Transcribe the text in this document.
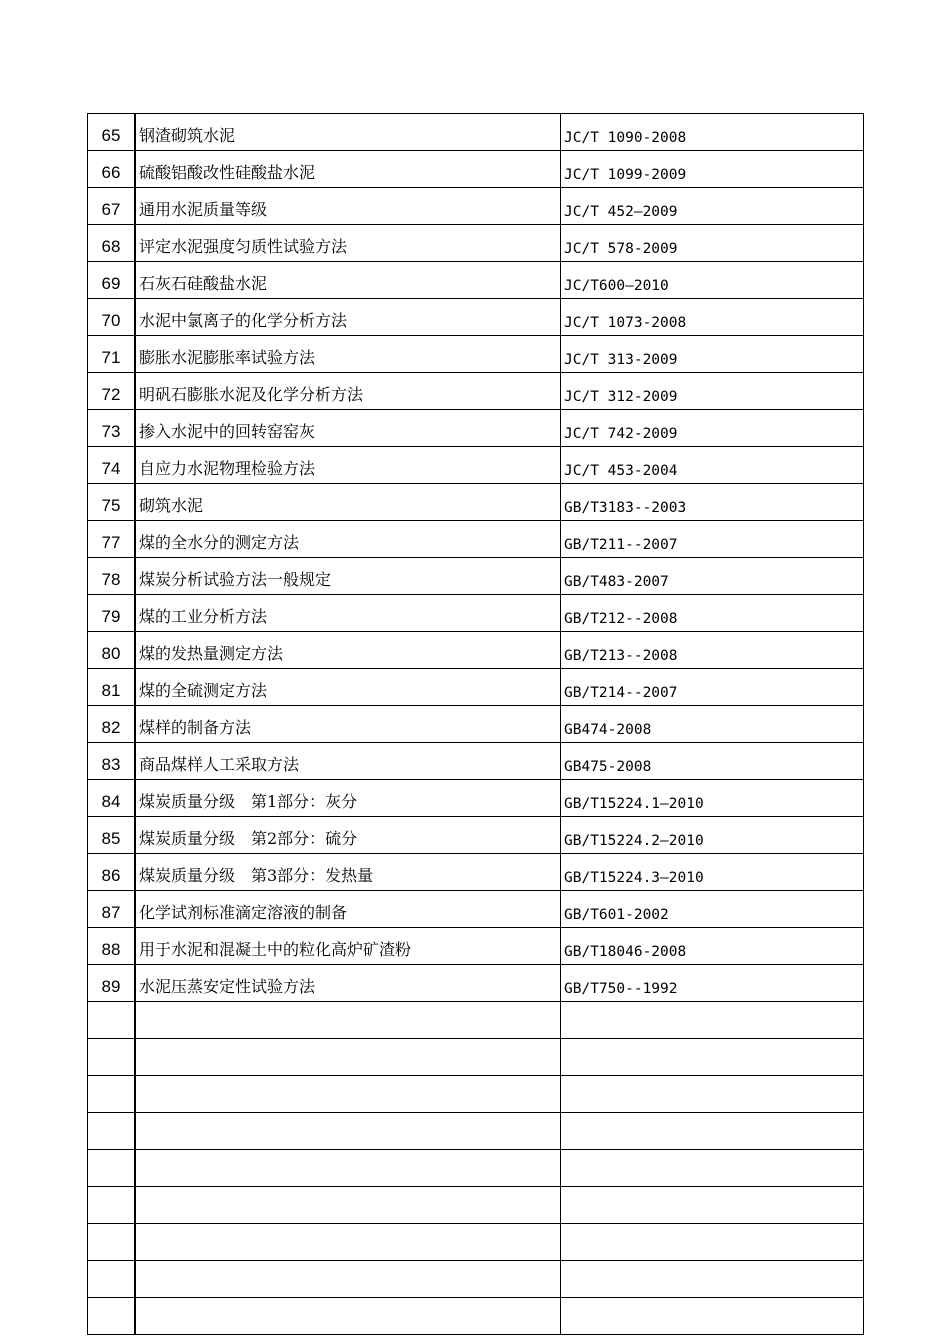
65	钢渣砌筑水泥	JC/T 1090-2008
66	硫酸铝酸改性硅酸盐水泥	JC/T 1099-2009
67	通用水泥质量等级	JC/T 452—2009
68	评定水泥强度匀质性试验方法	JC/T 578-2009
69	石灰石硅酸盐水泥	JC/T600—2010
70	水泥中氯离子的化学分析方法	JC/T 1073-2008
71	膨胀水泥膨胀率试验方法	JC/T 313-2009
72	明矾石膨胀水泥及化学分析方法	JC/T 312-2009
73	掺入水泥中的回转窑窑灰	JC/T 742-2009
74	自应力水泥物理检验方法	JC/T 453-2004
75	砌筑水泥	GB/T3183--2003
77	煤的全水分的测定方法	GB/T211--2007
78	煤炭分析试验方法一般规定	GB/T483-2007
79	煤的工业分析方法	GB/T212--2008
80	煤的发热量测定方法	GB/T213--2008
81	煤的全硫测定方法	GB/T214--2007
82	煤样的制备方法	GB474-2008
83	商品煤样人工采取方法	GB475-2008
84	煤炭质量分级　第1部分：灰分	GB/T15224.1—2010
85	煤炭质量分级　第2部分：硫分	GB/T15224.2—2010
86	煤炭质量分级　第3部分：发热量	GB/T15224.3—2010
87	化学试剂标准滴定溶液的制备	GB/T601-2002
88	用于水泥和混凝土中的粒化高炉矿渣粉	GB/T18046-2008
89	水泥压蒸安定性试验方法	GB/T750--1992
